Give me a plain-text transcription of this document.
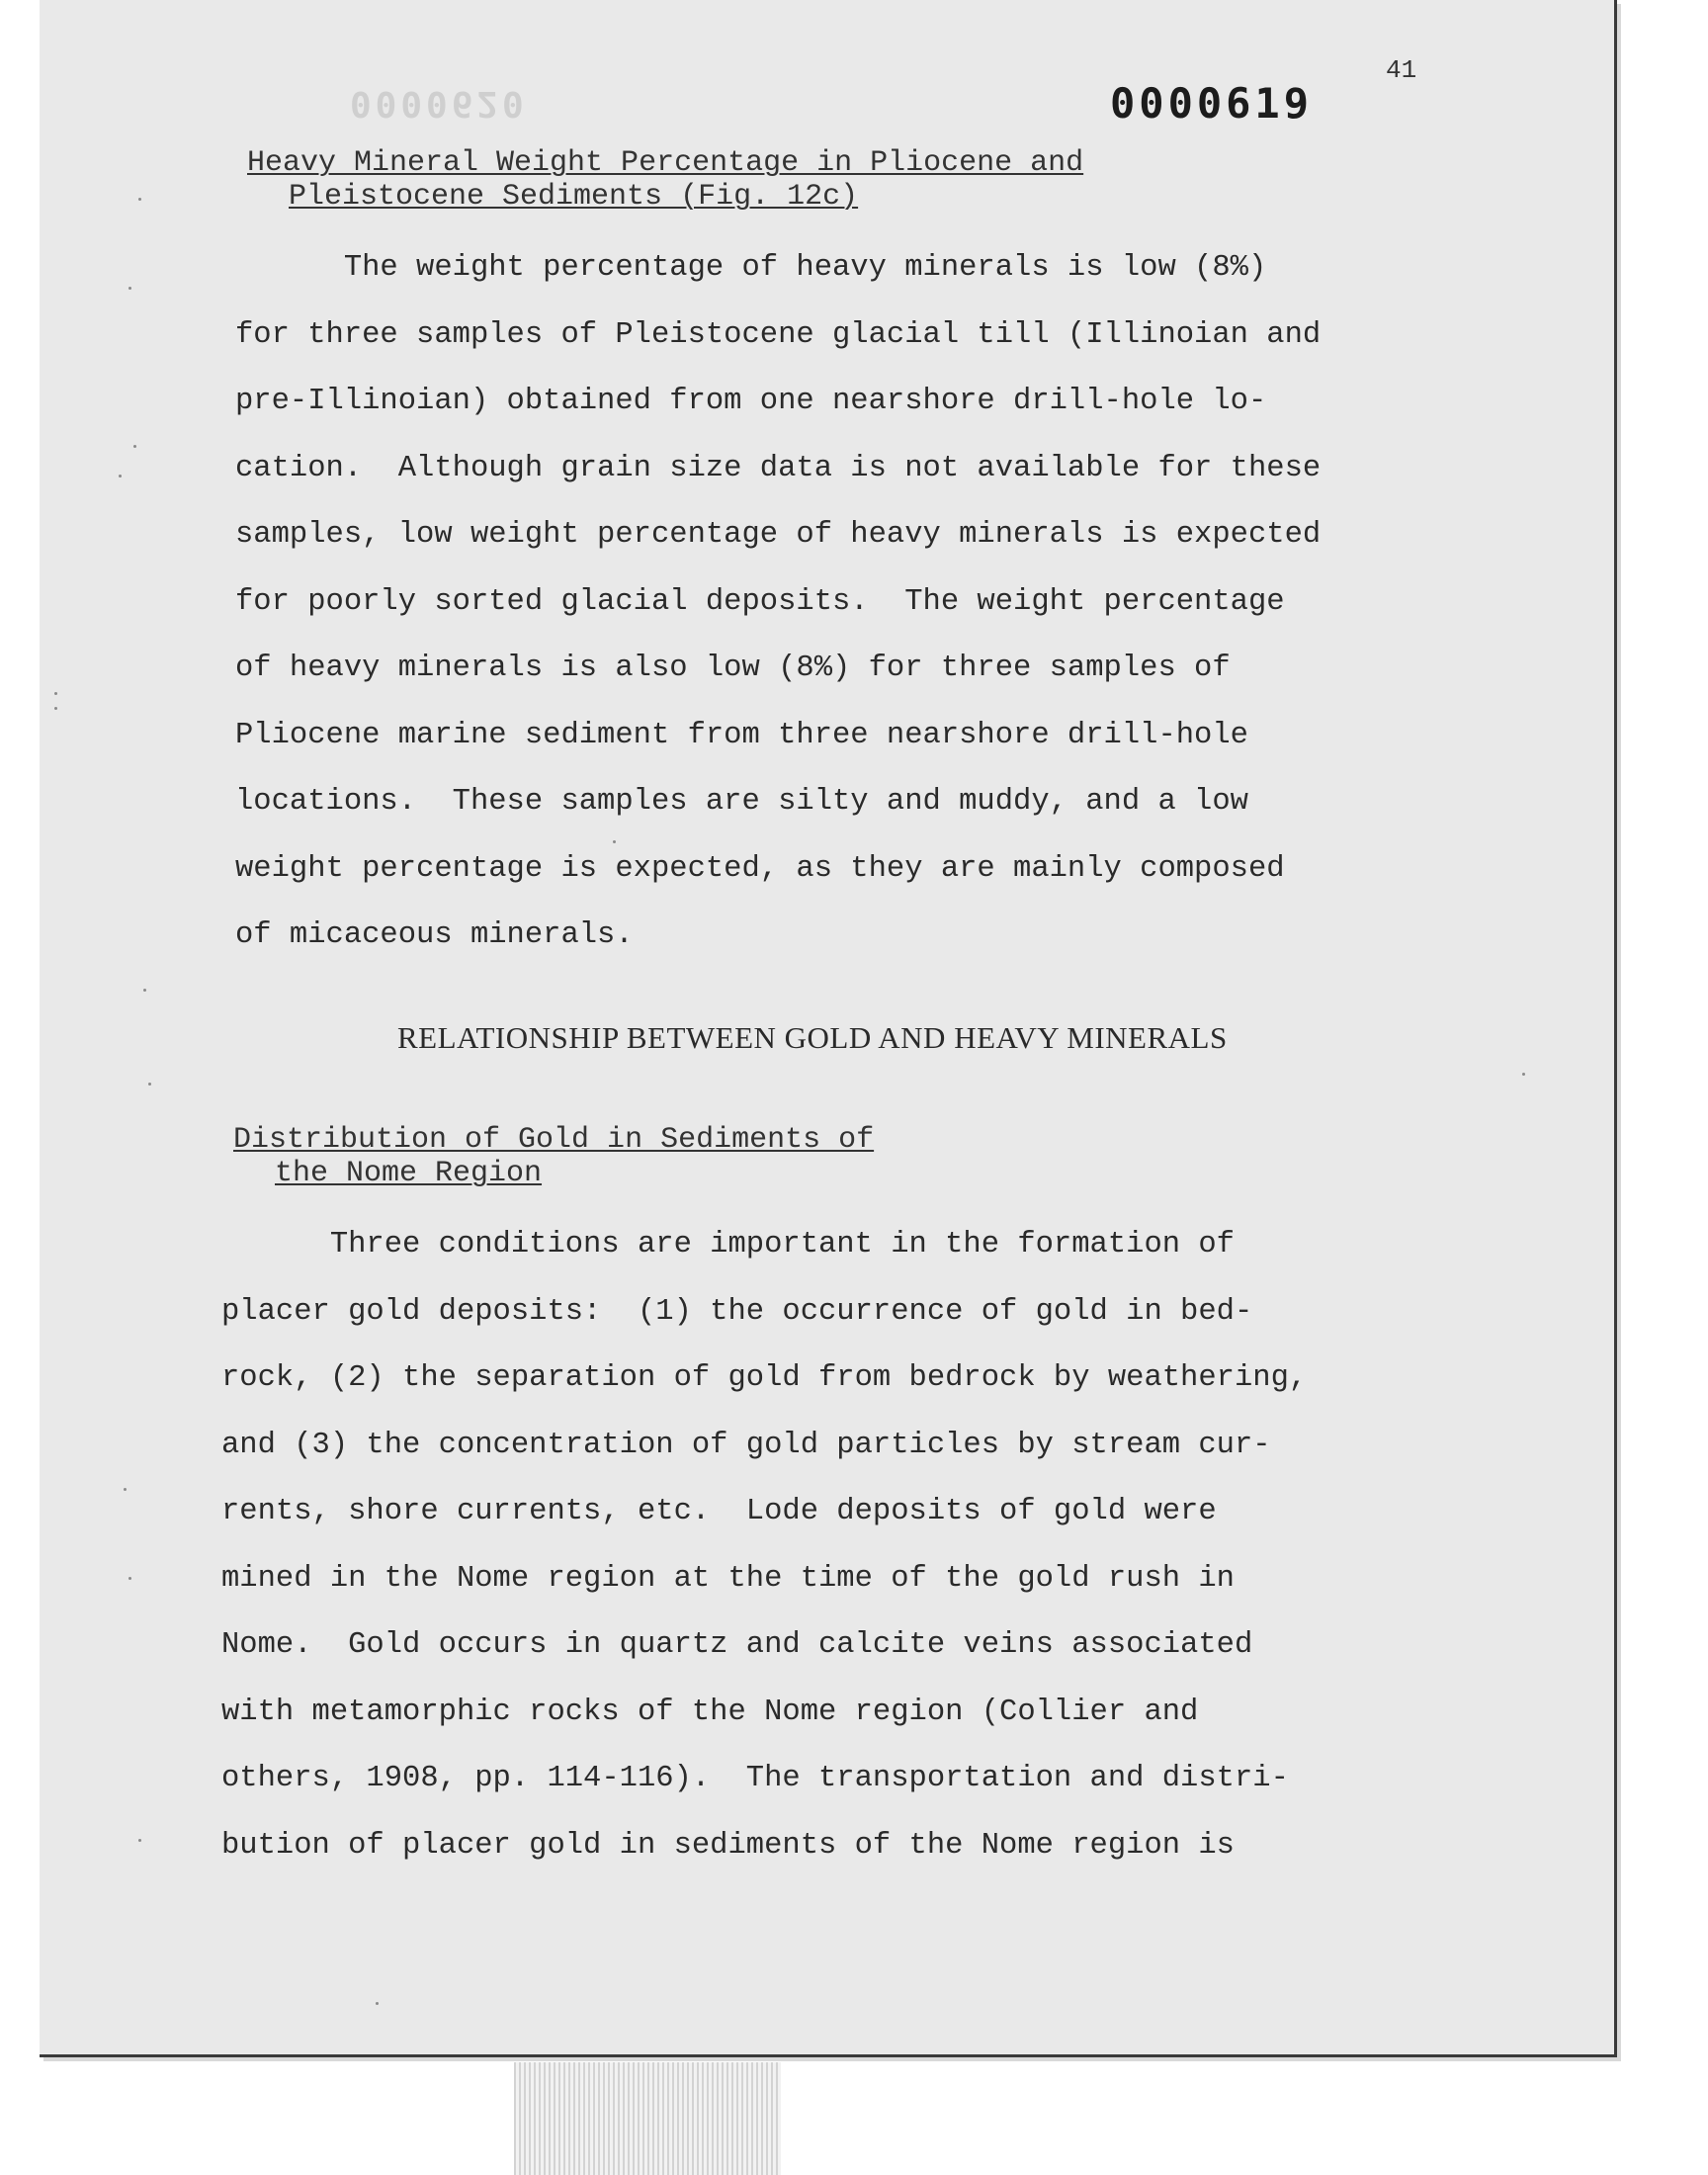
41
0000620	0000619
Heavy Mineral Weight Percentage in Pliocene and
Pleistocene Sediments (Fig. 12c)
The weight percentage of heavy minerals is low (8%)
for three samples of Pleistocene glacial till (Illinoian and
pre-Illinoian) obtained from one nearshore drill-hole lo-
cation.  Although grain size data is not available for these
samples, low weight percentage of heavy minerals is expected
for poorly sorted glacial deposits.  The weight percentage
of heavy minerals is also low (8%) for three samples of
Pliocene marine sediment from three nearshore drill-hole
locations.  These samples are silty and muddy, and a low
weight percentage is expected, as they are mainly composed
of micaceous minerals.
RELATIONSHIP BETWEEN GOLD AND HEAVY MINERALS
Distribution of Gold in Sediments of
the Nome Region
Three conditions are important in the formation of
placer gold deposits:  (1) the occurrence of gold in bed-
rock, (2) the separation of gold from bedrock by weathering,
and (3) the concentration of gold particles by stream cur-
rents, shore currents, etc.  Lode deposits of gold were
mined in the Nome region at the time of the gold rush in
Nome.  Gold occurs in quartz and calcite veins associated
with metamorphic rocks of the Nome region (Collier and
others, 1908, pp. 114-116).  The transportation and distri-
bution of placer gold in sediments of the Nome region is
